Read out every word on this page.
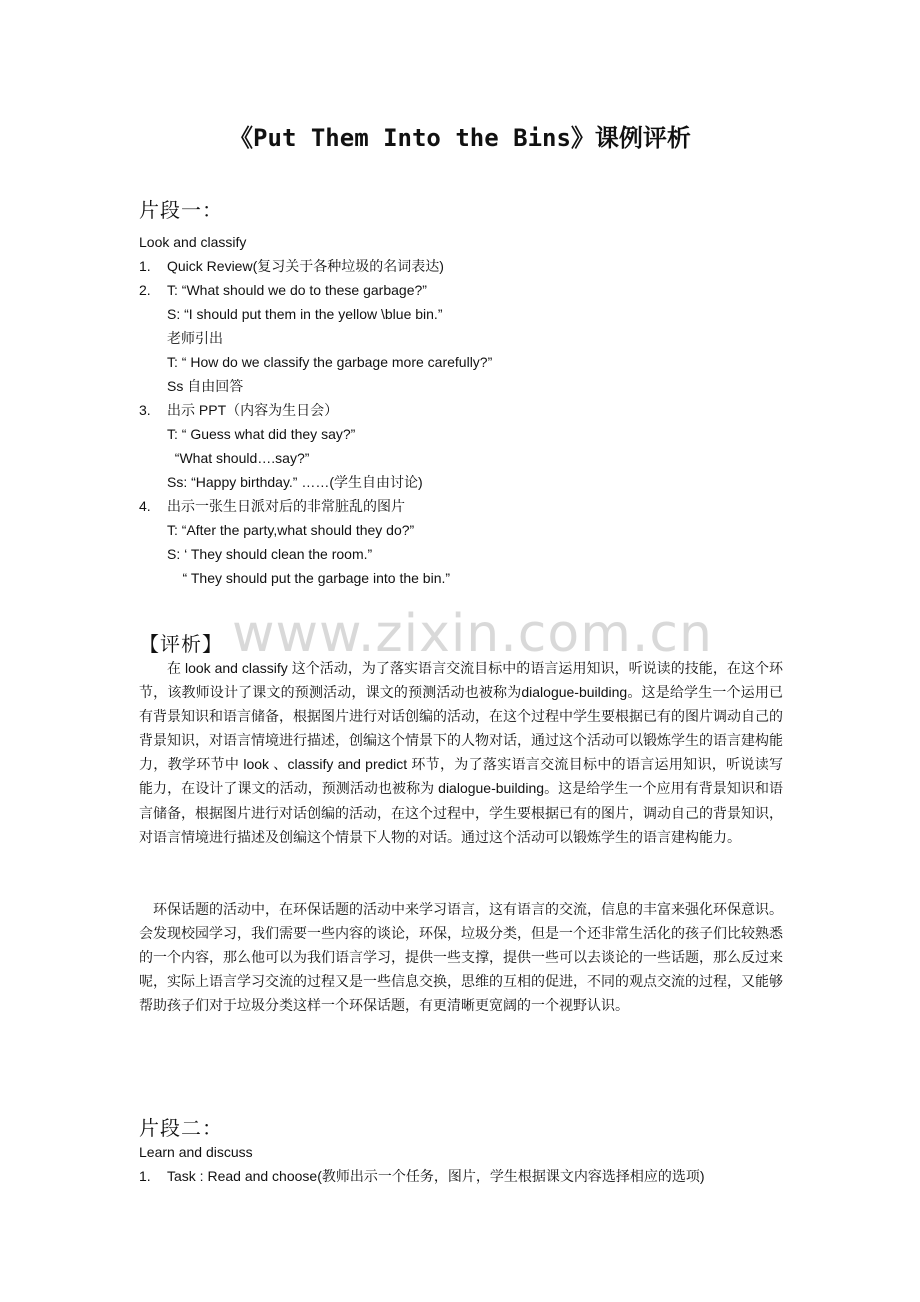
《Put Them Into the Bins》课例评析
片段一：
Look and classify
1. Quick Review(复习关于各种垃圾的名词表达)
2. T: “What should we do to these garbage?”
S: “I should put them in the yellow \blue bin.”
老师引出
T: “ How do we classify the garbage more carefully?”
Ss 自由回答
3. 出示 PPT（内容为生日会）
T: “ Guess what did they say?”
“What should….say?”
Ss: “Happy birthday.” ……(学生自由讨论)
4. 出示一张生日派对后的非常脏乱的图片
T: “After the party,what should they do?”
S: ‘ They should clean the room.”
“ They should put the garbage into the bin.”
www.zixin.com.cn
【评析】
在 look and classify 这个活动，为了落实语言交流目标中的语言运用知识，听说读的技能，在这个环节，该教师设计了课文的预测活动，课文的预测活动也被称为dialogue-building。这是给学生一个运用已有背景知识和语言储备，根据图片进行对话创编的活动，在这个过程中学生要根据已有的图片调动自己的背景知识，对语言情境进行描述，创编这个情景下的人物对话，通过这个活动可以锻炼学生的语言建构能力，教学环节中 look 、classify and predict 环节，为了落实语言交流目标中的语言运用知识，听说读写能力，在设计了课文的活动，预测活动也被称为 dialogue-building。这是给学生一个应用有背景知识和语言储备，根据图片进行对话创编的活动，在这个过程中，学生要根据已有的图片，调动自己的背景知识，对语言情境进行描述及创编这个情景下人物的对话。通过这个活动可以锻炼学生的语言建构能力。
环保话题的活动中，在环保话题的活动中来学习语言，这有语言的交流，信息的丰富来强化环保意识。会发现校园学习，我们需要一些内容的谈论，环保，垃圾分类，但是一个还非常生活化的孩子们比较熟悉的一个内容，那么他可以为我们语言学习，提供一些支撑，提供一些可以去谈论的一些话题，那么反过来呢，实际上语言学习交流的过程又是一些信息交换，思维的互相的促进，不同的观点交流的过程，又能够帮助孩子们对于垃圾分类这样一个环保话题，有更清晰更宽阔的一个视野认识。
片段二：
Learn and discuss
1. Task : Read and choose(教师出示一个任务，图片，学生根据课文内容选择相应的选项)
